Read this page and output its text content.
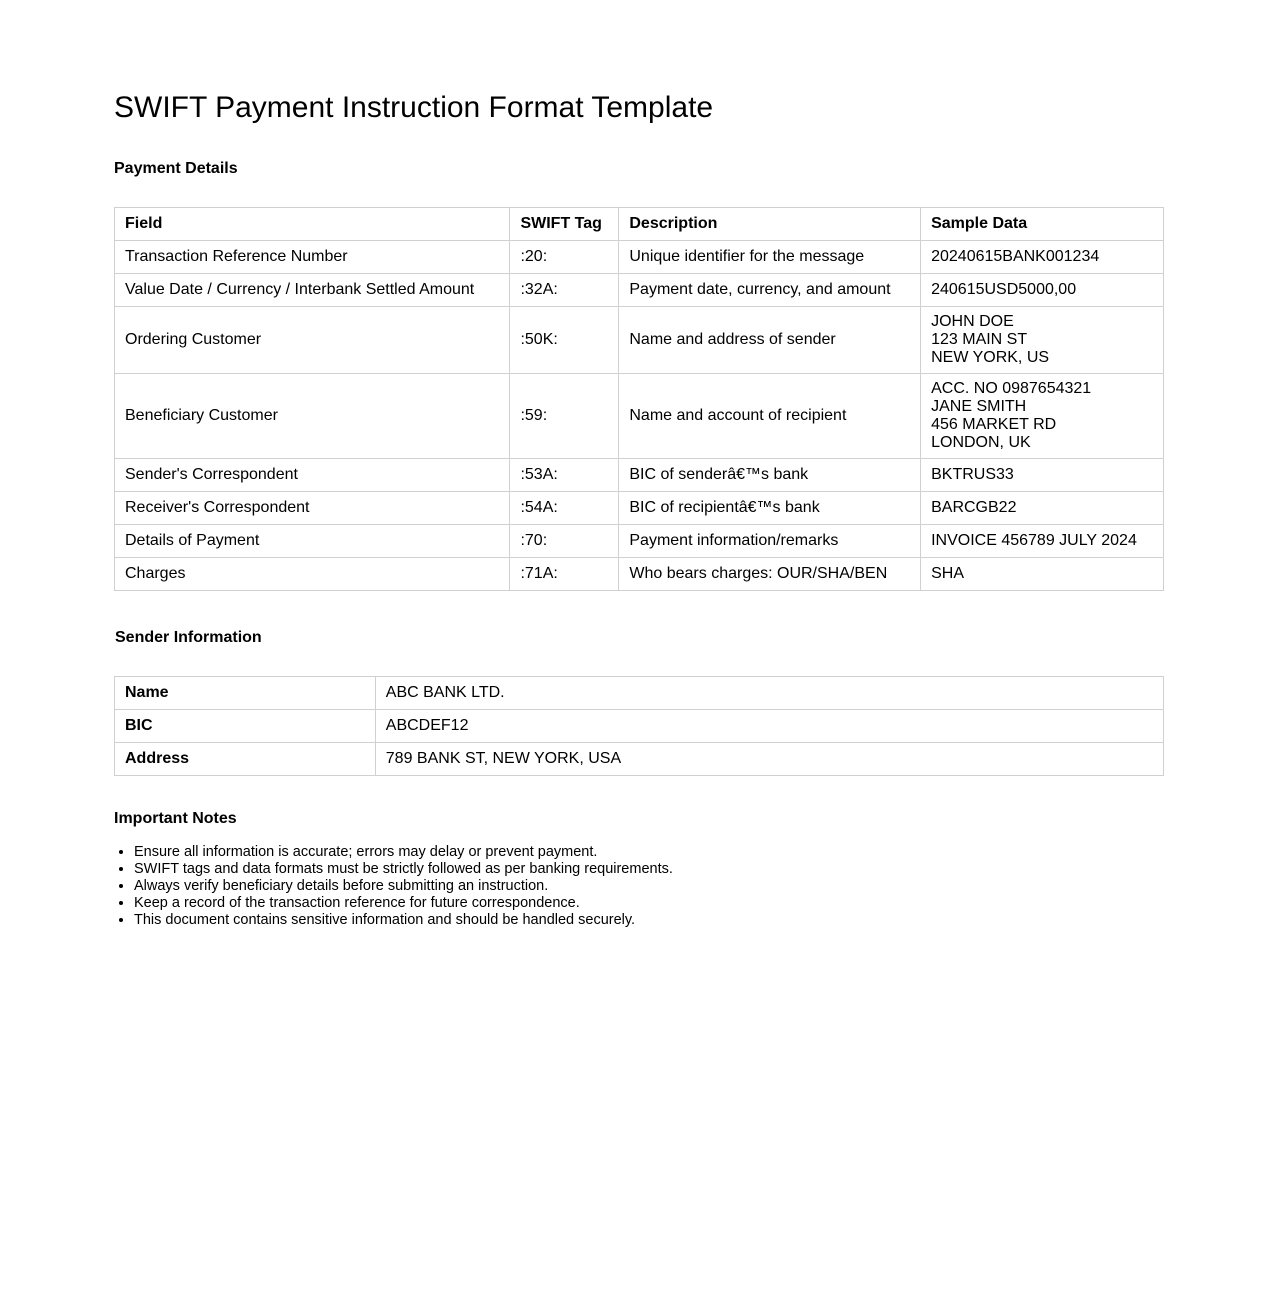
SWIFT Payment Instruction Format Template
Payment Details
Field	SWIFT Tag	Description	Sample Data
Transaction Reference Number	:20:	Unique identifier for the message	20240615BANK001234
Value Date / Currency / Interbank Settled Amount	:32A:	Payment date, currency, and amount	240615USD5000,00
Ordering Customer	:50K:	Name and address of sender	JOHN DOE
123 MAIN ST
NEW YORK, US
Beneficiary Customer	:59:	Name and account of recipient	ACC. NO 0987654321
JANE SMITH
456 MARKET RD
LONDON, UK
Sender's Correspondent	:53A:	BIC of senderâ€™s bank	BKTRUS33
Receiver's Correspondent	:54A:	BIC of recipientâ€™s bank	BARCGB22
Details of Payment	:70:	Payment information/remarks	INVOICE 456789 JULY 2024
Charges	:71A:	Who bears charges: OUR/SHA/BEN	SHA
Sender Information
Name	ABC BANK LTD.
BIC	ABCDEF12
Address	789 BANK ST, NEW YORK, USA
Important Notes
• Ensure all information is accurate; errors may delay or prevent payment.
• SWIFT tags and data formats must be strictly followed as per banking requirements.
• Always verify beneficiary details before submitting an instruction.
• Keep a record of the transaction reference for future correspondence.
• This document contains sensitive information and should be handled securely.
